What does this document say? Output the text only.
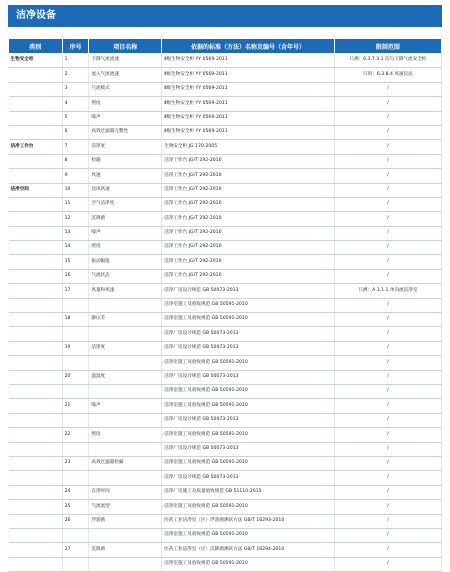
洁净设备
类别	序号	项目名称	依据的标准（方法）名称及编号（含年号）	限制范围
生物安全柜	1	下降气流流速	Ⅱ级生物安全柜 YY 0569-2011	只测：6.3.7.3.1 均匀下降气流安全柜
	2	流入气流流速	Ⅱ级生物安全柜 YY 0569-2011	只用：6.3.8.4 风速仪法
	3	气流模式	Ⅱ级生物安全柜 YY 0569-2011	/
	4	照度	Ⅱ级生物安全柜 YY 0569-2011	/
	5	噪声	Ⅱ级生物安全柜 YY 0569-2011	/
	6	高效过滤器完整性	Ⅱ级生物安全柜 YY 0569-2011	/
洁净工作台	7	洁净度	生物安全柜 JG 170-2005	/
	8	检漏	洁净工作台 JG/T 292-2010	/
	9	风速	洁净工作台 JG/T 292-2010	/
洁净空间	10	送风风速	洁净工作台 JG/T 292-2010	/
	11	空气洁净度	洁净工作台 JG/T 292-2010	/
	12	沉降菌	洁净工作台 JG/T 292-2010	/
	13	噪声	洁净工作台 JG/T 292-2010	/
	14	照度	洁净工作台 JG/T 292-2010	/
	15	振动幅值	洁净工作台 JG/T 292-2010	/
	16	气流状态	洁净工作台 JG/T 292-2010	/
	17	风量和风速	洁净厂房设计规范 GB 50073-2013	只测：A 3.1.1 单向流洁净室
			洁净室施工及验收规范 GB 50591-2010	/
	18	静压差	洁净室施工及验收规范 GB 50591-2010	/
			洁净厂房设计规范 GB 50073-2013	/
	19	洁净度	洁净厂房设计规范 GB 50073-2013	/
			洁净室施工及验收规范 GB 50591-2010	/
	20	温湿度	洁净厂房设计规范 GB 50073-2013	/
			洁净室施工及验收规范 GB 50591-2010	/
	21	噪声	洁净室施工及验收规范 GB 50591-2010	/
			洁净厂房设计规范 GB 50073-2013	/
	22	照度	洁净室施工及验收规范 GB 50591-2010	/
			洁净厂房设计规范 GB 50073-2013	/
	23	高效过滤器检漏	洁净室施工及验收规范 GB 50591-2010	/
			洁净厂房设计规范 GB 50073-2013	/
	24	自净时间	洁净厂房施工及质量验收规范 GB 51110-2015	/
	25	气流流型	洁净室施工及验收规范 GB 50591-2010	/
	26	浮游菌	医药工业洁净室（区）浮游菌测试方法 GB/T 16293-2010	/
			洁净室施工及验收规范 GB 50591-2010	/
	27	沉降菌	医药工业洁净室（区）沉降菌测试方法 GB/T 16294-2010	/
			洁净室施工及验收规范 GB 50591-2010	/
